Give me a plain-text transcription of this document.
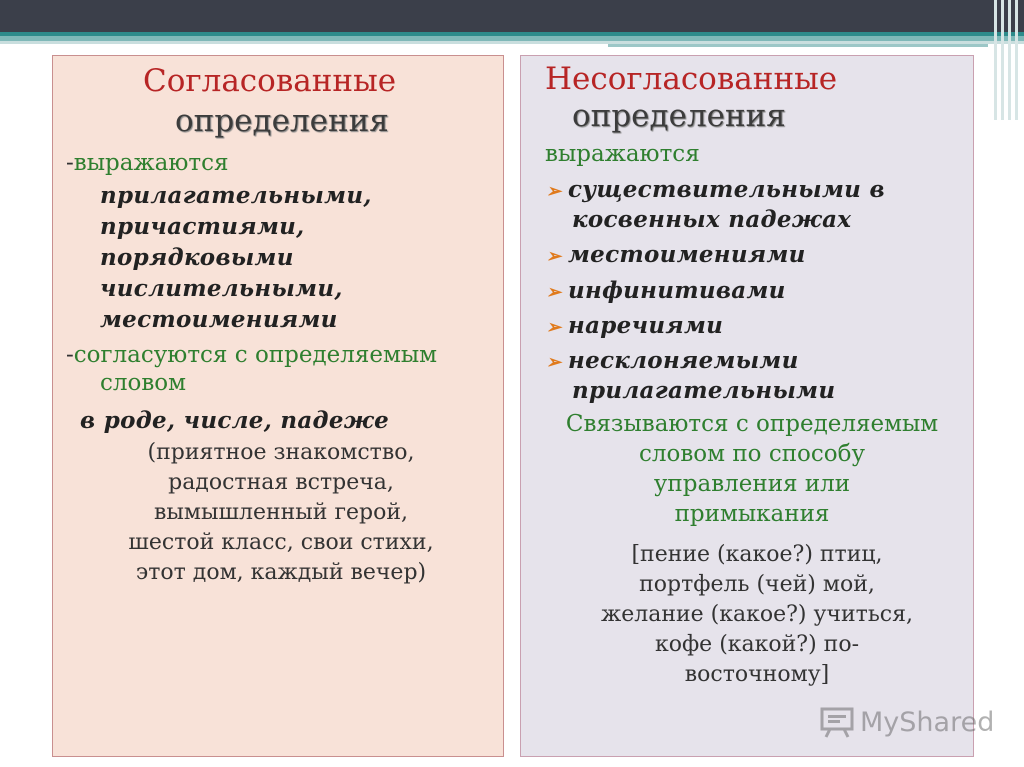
Согласованные

определения

-выражаются

прилагательными,

причастиями,

порядковыми

числительными,

местоимениями

-согласуются с определяемым

словом

в роде, числе, падеже

(приятное знакомство,

радостная встреча,

вымышленный герой,

шестой класс, свои стихи,

этот дом, каждый вечер)

Несогласованные

определения

выражаются

➢ существительными в

косвенных падежах

➢ местоимениями

➢ инфинитивами

➢ наречиями

➢ несклоняемыми

прилагательными

Связываются с определяемым

словом по способу

управления или

примыкания

[пение (какое?) птиц,

портфель (чей) мой,

желание (какое?) учиться,

кофе (какой?) по-

восточному]

MyShared
